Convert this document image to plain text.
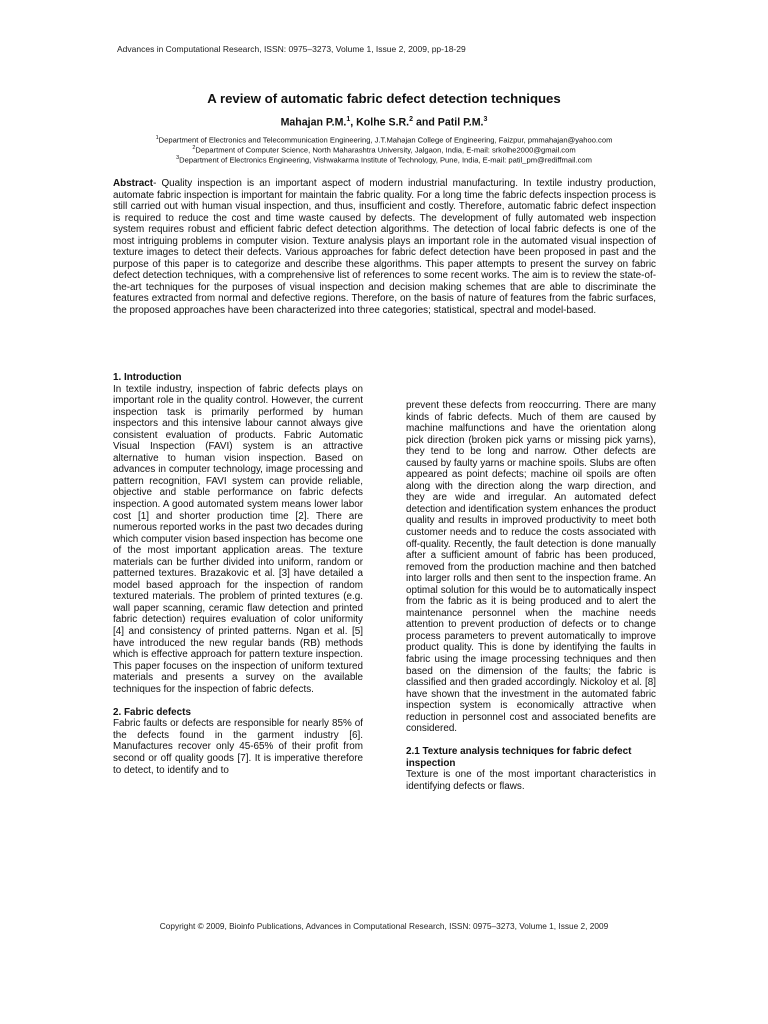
Advances in Computational Research, ISSN: 0975–3273, Volume 1, Issue 2, 2009, pp-18-29
A review of automatic fabric defect detection techniques
Mahajan P.M.$^1$, Kolhe S.R.$^2$ and Patil P.M.$^3$
$^1$Department of Electronics and Telecommunication Engineering, J.T.Mahajan College of Engineering, Faizpur, pmmahajan@yahoo.com
$^2$Department of Computer Science, North Maharashtra University, Jalgaon, India, E-mail: srkolhe2000@gmail.com
$^3$Department of Electronics Engineering, Vishwakarma Institute of Technology, Pune, India, E-mail: patil_pm@rediffmail.com
Abstract- Quality inspection is an important aspect of modern industrial manufacturing. In textile industry production, automate fabric inspection is important for maintain the fabric quality. For a long time the fabric defects inspection process is still carried out with human visual inspection, and thus, insufficient and costly. Therefore, automatic fabric defect inspection is required to reduce the cost and time waste caused by defects. The development of fully automated web inspection system requires robust and efficient fabric defect detection algorithms. The detection of local fabric defects is one of the most intriguing problems in computer vision. Texture analysis plays an important role in the automated visual inspection of texture images to detect their defects. Various approaches for fabric defect detection have been proposed in past and the purpose of this paper is to categorize and describe these algorithms. This paper attempts to present the survey on fabric defect detection techniques, with a comprehensive list of references to some recent works. The aim is to review the state-of-the-art techniques for the purposes of visual inspection and decision making schemes that are able to discriminate the features extracted from normal and defective regions. Therefore, on the basis of nature of features from the fabric surfaces, the proposed approaches have been characterized into three categories; statistical, spectral and model-based.
1. Introduction

In textile industry, inspection of fabric defects plays on important role in the quality control. However, the current inspection task is primarily performed by human inspectors and this intensive labour cannot always give consistent evaluation of products. Fabric Automatic Visual Inspection (FAVI) system is an attractive alternative to human vision inspection. Based on advances in computer technology, image processing and pattern recognition, FAVI system can provide reliable, objective and stable performance on fabric defects inspection. A good automated system means lower labor cost [1] and shorter production time [2]. There are numerous reported works in the past two decades during which computer vision based inspection has become one of the most important application areas. The texture materials can be further divided into uniform, random or patterned textures. Brazakovic et al. [3] have detailed a model based approach for the inspection of random textured materials. The problem of printed textures (e.g. wall paper scanning, ceramic flaw detection and printed fabric detection) requires evaluation of color uniformity [4] and consistency of printed patterns. Ngan et al. [5] have introduced the new regular bands (RB) methods which is effective approach for pattern texture inspection. This paper focuses on the inspection of uniform textured materials and presents a survey on the available techniques for the inspection of fabric defects.

2. Fabric defects

Fabric faults or defects are responsible for nearly 85% of the defects found in the garment industry [6]. Manufactures recover only 45-65% of their profit from second or off quality goods [7]. It is imperative therefore to detect, to identify and to

prevent these defects from reoccurring. There are many kinds of fabric defects. Much of them are caused by machine malfunctions and have the orientation along pick direction (broken pick yarns or missing pick yarns), they tend to be long and narrow. Other defects are caused by faulty yarns or machine spoils. Slubs are often appeared as point defects; machine oil spoils are often along with the direction along the warp direction, and they are wide and irregular. An automated defect detection and identification system enhances the product quality and results in improved productivity to meet both customer needs and to reduce the costs associated with off-quality. Recently, the fault detection is done manually after a sufficient amount of fabric has been produced, removed from the production machine and then batched into larger rolls and then sent to the inspection frame. An optimal solution for this would be to automatically inspect from the fabric as it is being produced and to alert the maintenance personnel when the machine needs attention to prevent production of defects or to change process parameters to prevent automatically to improve product quality. This is done by identifying the faults in fabric using the image processing techniques and then based on the dimension of the faults; the fabric is classified and then graded accordingly. Nickoloy et al. [8] have shown that the investment in the automated fabric inspection system is economically attractive when reduction in personnel cost and associated benefits are considered.

2.1 Texture analysis techniques for fabric defect inspection

Texture is one of the most important characteristics in identifying defects or flaws.

Copyright © 2009, Bioinfo Publications, Advances in Computational Research, ISSN: 0975–3273, Volume 1, Issue 2, 2009
